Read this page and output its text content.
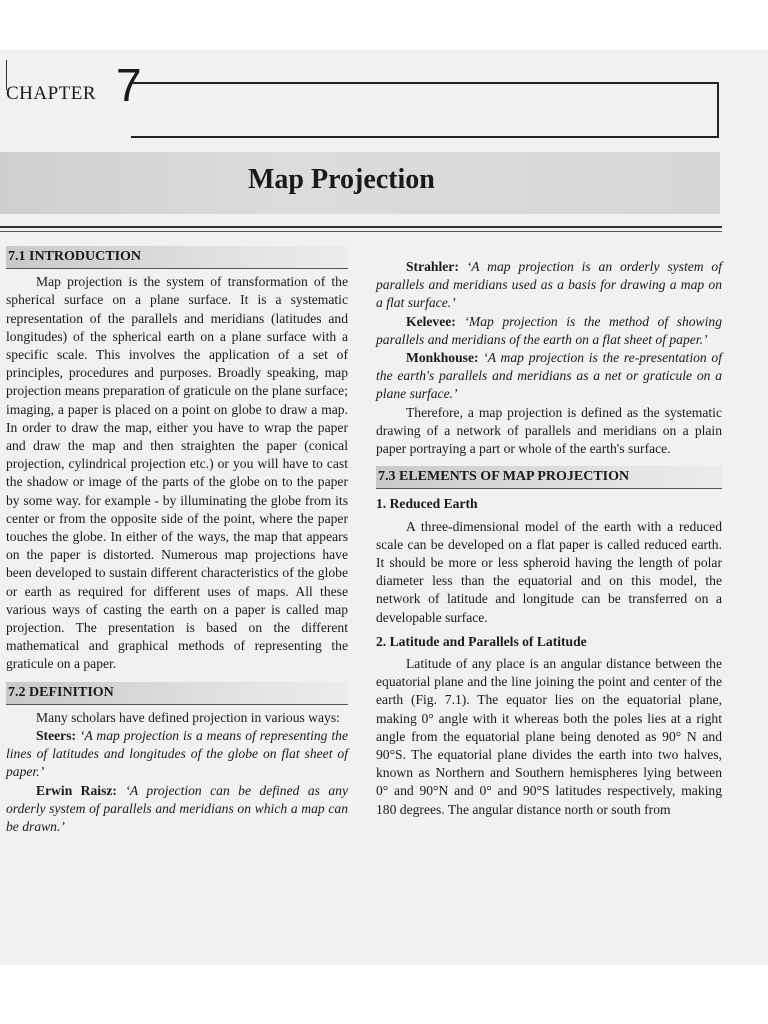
CHAPTER 7
Map Projection
7.1 INTRODUCTION

Map projection is the system of transformation of the spherical surface on a plane surface. It is a systematic representation of the parallels and meridians (latitudes and longitudes) of the spherical earth on a plane surface with a specific scale. This involves the application of a set of principles, procedures and purposes. Broadly speaking, map projection means preparation of graticule on the plane surface; imaging, a paper is placed on a point on globe to draw a map. In order to draw the map, either you have to wrap the paper and draw the map and then straighten the paper (conical projection, cylindrical projection etc.) or you will have to cast the shadow or image of the parts of the globe on to the paper by some way. for example - by illuminating the globe from its center or from the opposite side of the point, where the paper touches the globe. In either of the ways, the map that appears on the paper is distorted. Numerous map projections have been developed to sustain different characteristics of the globe or earth as required for different uses of maps. All these various ways of casting the earth on a paper is called map projection. The presentation is based on the different mathematical and graphical methods of representing the graticule on a paper.

7.2 DEFINITION

Many scholars have defined projection in various ways:

Steers: ‘A map projection is a means of representing the lines of latitudes and longitudes of the globe on flat sheet of paper.’

Erwin Raisz: ‘A projection can be defined as any orderly system of parallels and meridians on which a map can be drawn.’

Strahler: ‘A map projection is an orderly system of parallels and meridians used as a basis for drawing a map on a flat surface.’

Kelevee: ‘Map projection is the method of showing parallels and meridians of the earth on a flat sheet of paper.’

Monkhouse: ‘A map projection is the re-presentation of the earth's parallels and meridians as a net or graticule on a plane surface.’

Therefore, a map projection is defined as the systematic drawing of a network of parallels and meridians on a plain paper portraying a part or whole of the earth's surface.

7.3 ELEMENTS OF MAP PROJECTION
1. Reduced Earth

A three-dimensional model of the earth with a reduced scale can be developed on a flat paper is called reduced earth. It should be more or less spheroid having the length of polar diameter less than the equatorial and on this model, the network of latitude and longitude can be transferred on a developable surface.

2. Latitude and Parallels of Latitude

Latitude of any place is an angular distance between the equatorial plane and the line joining the point and center of the earth (Fig. 7.1). The equator lies on the equatorial plane, making 0° angle with it whereas both the poles lies at a right angle from the equatorial plane being denoted as 90° N and 90°S. The equatorial plane divides the earth into two halves, known as Northern and Southern hemispheres lying between 0° and 90°N and 0° and 90°S latitudes respectively, making 180 degrees. The angular distance north or south from
